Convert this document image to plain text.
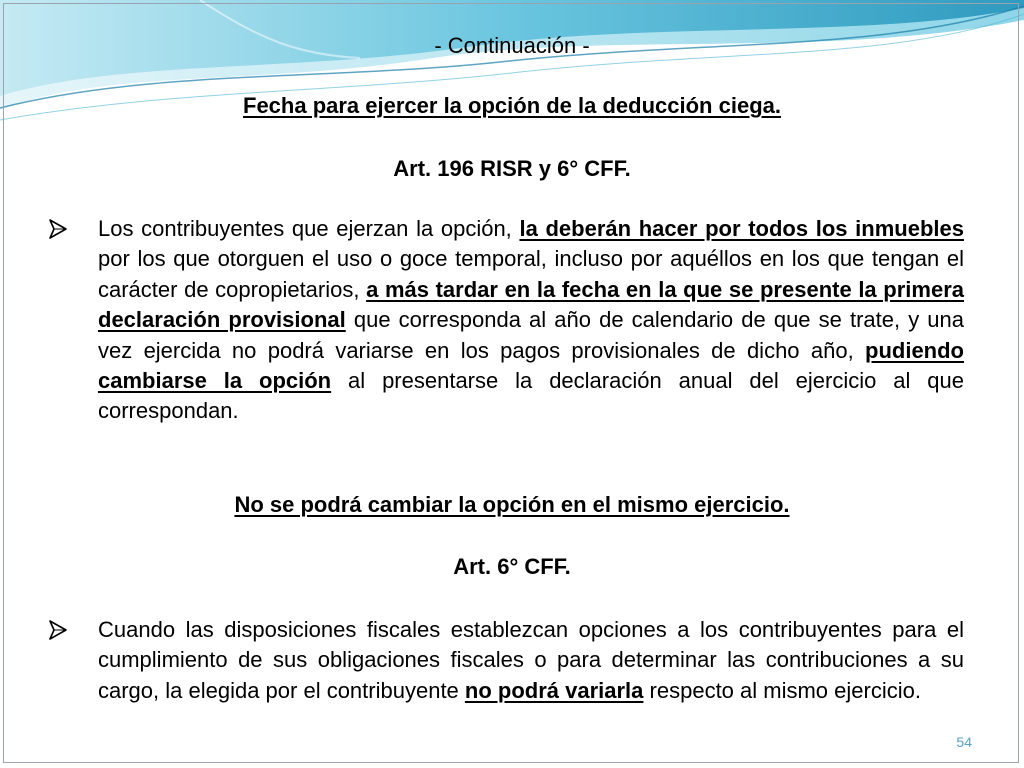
- Continuación -
Fecha para ejercer la opción de la deducción ciega.
Art. 196 RISR y 6° CFF.
Los contribuyentes que ejerzan la opción, la deberán hacer por todos los inmuebles por los que otorguen el uso o goce temporal, incluso por aquéllos en los que tengan el carácter de copropietarios, a más tardar en la fecha en la que se presente la primera declaración provisional que corresponda al año de calendario de que se trate, y una vez ejercida no podrá variarse en los pagos provisionales de dicho año, pudiendo cambiarse la opción al presentarse la declaración anual del ejercicio al que correspondan.
No se podrá cambiar la opción en el mismo ejercicio.
Art. 6° CFF.
Cuando las disposiciones fiscales establezcan opciones a los contribuyentes para el cumplimiento de sus obligaciones fiscales o para determinar las contribuciones a su cargo, la elegida por el contribuyente no podrá variarla respecto al mismo ejercicio.
54
